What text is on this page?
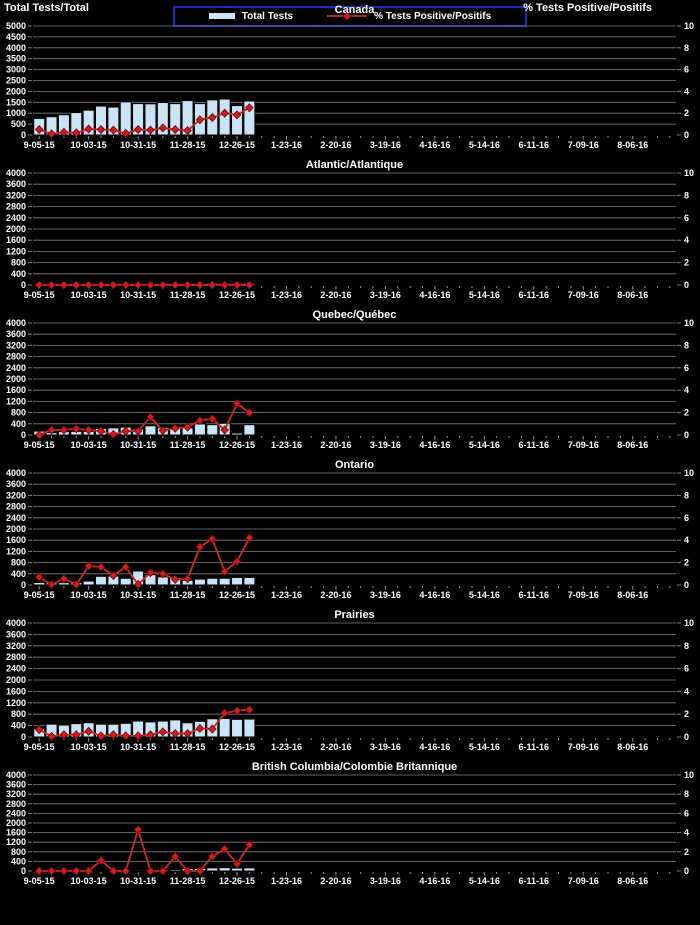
Total Tests/Total	% Tests Positive/Positifs
0
500
1000
1500
2000
2500
3000
3500
4000
4500
5000
0
2
4
6
8
10
9-05-15 10-03-15 10-31-15 11-28-15 12-26-15 1-23-16 2-20-16 3-19-16 4-16-16 5-14-16 6-11-16 7-09-16 8-06-16
Canada
0
400
800
1200
1600
2000
2400
2800
3200
3600
4000
0
2
4
6
8
10
9-05-15 10-03-15 10-31-15 11-28-15 12-26-15 1-23-16 2-20-16 3-19-16 4-16-16 5-14-16 6-11-16 7-09-16 8-06-16
Atlantic/Atlantique
0
400
800
1200
1600
2000
2400
2800
3200
3600
4000
0
2
4
6
8
10
9-05-15 10-03-15 10-31-15 11-28-15 12-26-15 1-23-16 2-20-16 3-19-16 4-16-16 5-14-16 6-11-16 7-09-16 8-06-16
Quebec/Québec
0
400
800
1200
1600
2000
2400
2800
3200
3600
4000
0
2
4
6
8
10
9-05-15 10-03-15 10-31-15 11-28-15 12-26-15 1-23-16 2-20-16 3-19-16 4-16-16 5-14-16 6-11-16 7-09-16 8-06-16
Ontario
0
400
800
1200
1600
2000
2400
2800
3200
3600
4000
0
2
4
6
8
10
9-05-15 10-03-15 10-31-15 11-28-15 12-26-15 1-23-16 2-20-16 3-19-16 4-16-16 5-14-16 6-11-16 7-09-16 8-06-16
Prairies
0
400
800
1200
1600
2000
2400
2800
3200
3600
4000
0
2
4
6
8
10
9-05-15 10-03-15 10-31-15 11-28-15 12-26-15 1-23-16 2-20-16 3-19-16 4-16-16 5-14-16 6-11-16 7-09-16 8-06-16
British Columbia/Colombie Britannique
Total Tests	% Tests Positive/Positifs
